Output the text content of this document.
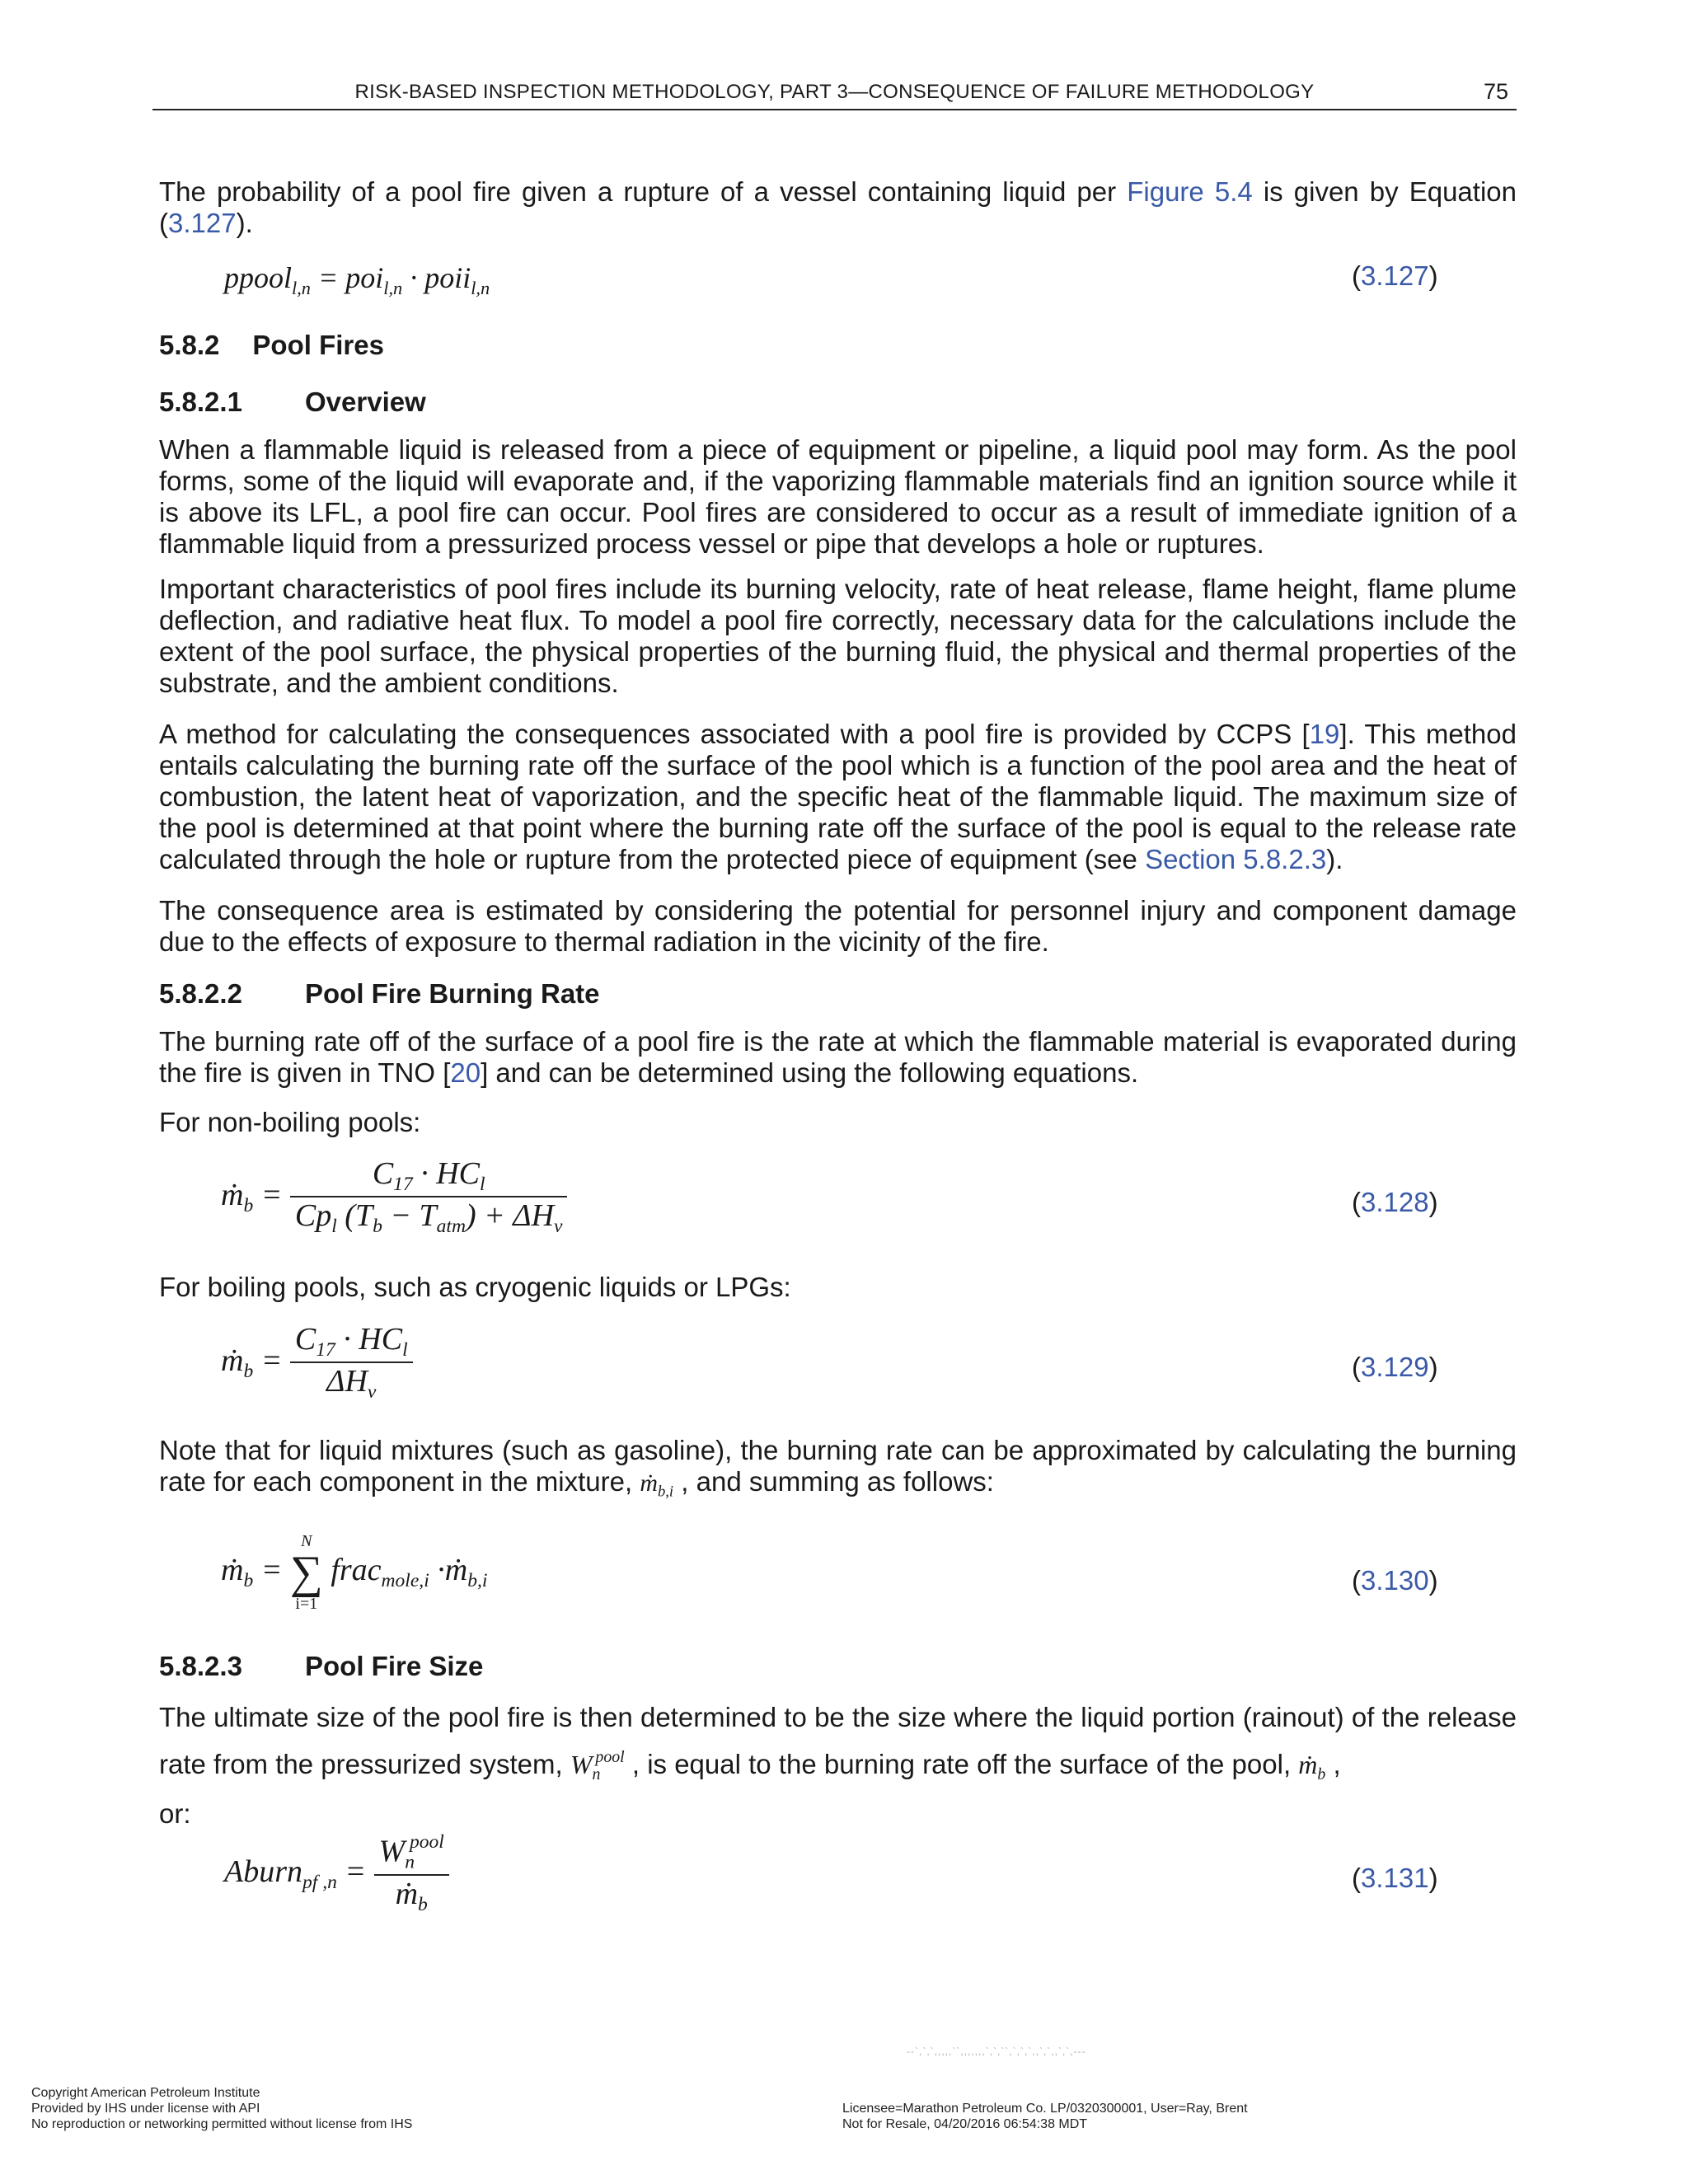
RISK-BASED INSPECTION METHODOLOGY, PART 3—CONSEQUENCE OF FAILURE METHODOLOGY	75
The probability of a pool fire given a rupture of a vessel containing liquid per Figure 5.4 is given by Equation (3.127).
ppool$_{l,n}$ = poi$_{l,n}$ · poii$_{l,n}$	(3.127)
5.8.2 Pool Fires
5.8.2.1 Overview
When a flammable liquid is released from a piece of equipment or pipeline, a liquid pool may form. As the pool forms, some of the liquid will evaporate and, if the vaporizing flammable materials find an ignition source while it is above its LFL, a pool fire can occur. Pool fires are considered to occur as a result of immediate ignition of a flammable liquid from a pressurized process vessel or pipe that develops a hole or ruptures.
Important characteristics of pool fires include its burning velocity, rate of heat release, flame height, flame plume deflection, and radiative heat flux. To model a pool fire correctly, necessary data for the calculations include the extent of the pool surface, the physical properties of the burning fluid, the physical and thermal properties of the substrate, and the ambient conditions.
A method for calculating the consequences associated with a pool fire is provided by CCPS [19]. This method entails calculating the burning rate off the surface of the pool which is a function of the pool area and the heat of combustion, the latent heat of vaporization, and the specific heat of the flammable liquid. The maximum size of the pool is determined at that point where the burning rate off the surface of the pool is equal to the release rate calculated through the hole or rupture from the protected piece of equipment (see Section 5.8.2.3).
The consequence area is estimated by considering the potential for personnel injury and component damage due to the effects of exposure to thermal radiation in the vicinity of the fire.
5.8.2.2 Pool Fire Burning Rate
The burning rate off of the surface of a pool fire is the rate at which the flammable material is evaporated during the fire is given in TNO [20] and can be determined using the following equations.
For non-boiling pools:
ṁ$_b$ = $\frac{C_{17} \cdot HC_l}{Cp_l (T_b - T_{atm}) + \Delta H_v}$	(3.128)
For boiling pools, such as cryogenic liquids or LPGs:
ṁ$_b$ = $\frac{C_{17} \cdot HC_l}{\Delta H_v}$	(3.129)
Note that for liquid mixtures (such as gasoline), the burning rate can be approximated by calculating the burning rate for each component in the mixture, ṁ$_{b,i}$ , and summing as follows:
ṁ$_b$ =
N
∑
i=1
frac$_{mole,i}$ ·ṁ$_{b,i}$	(3.130)
5.8.2.3 Pool Fire Size
The ultimate size of the pool fire is then determined to be the size where the liquid portion (rainout) of the release rate from the pressurized system, $W_n^{pool}$ , is equal to the burning rate off the surface of the pool, ṁ$_b$ ,
or:
Aburn$_{pf ,n}$ = $\frac{W_n^{pool}}{ṁ_b}$	(3.131)
--`,`,`,,,,,``,,,,,,,`,`,``,`,`,`,,`,`,,`,`,---
Copyright American Petroleum Institute
Provided by IHS under license with API
No reproduction or networking permitted without license from IHS
Licensee=Marathon Petroleum Co. LP/0320300001, User=Ray, Brent
Not for Resale, 04/20/2016 06:54:38 MDT
